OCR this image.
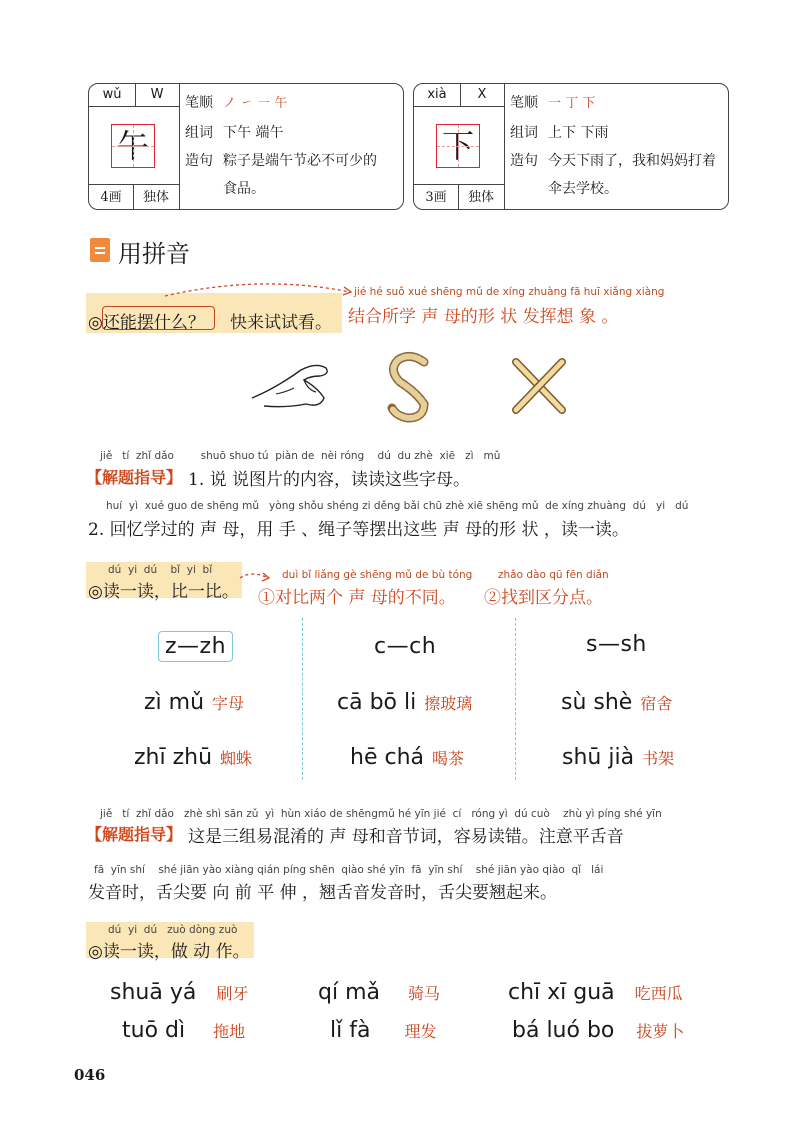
wǔ	W
午
4画	独体
笔顺 ノ ㇀ ㇐ 午
组词 下午 端午
造句 粽子是端午节必不可少的
食品。
xià	X
下
3画	独体
笔顺 一 丁 下
组词 上下 下雨
造句 今天下雨了，我和妈妈打着
伞去学校。
用拼音
◎还能摆什么？ 快来试试看。
jié hé suǒ xué shēng mǔ de xíng zhuàng fā huī xiǎng xiàng
结合所学 声 母的形 状 发挥想 象 。
jiě   tí  zhǐ dǎo        shuō shuo tú  piàn de  nèi róng    dú  du zhè  xiē   zì   mǔ
【解题指导】 1. 说 说图片的内容，读读这些字母。
huí  yì  xué guo de shēng mǔ   yòng shǒu shéng zi děng bǎi chū zhè xiē shēng mǔ  de xíng zhuàng  dú   yi   dú
2. 回忆学过的 声 母，用 手 、绳子等摆出这些 声 母的形 状 ，读一读。
dú  yi  dú    bǐ  yi  bǐ
◎读一读，比一比。
duì bǐ liǎng gè shēng mǔ de bù tóng
①对比两个 声 母的不同。
zhǎo dào qū fēn diǎn
②找到区分点。
z—zh	c—ch	s—sh
zì mǔ 字母	cā bō li 擦玻璃	sù shè 宿舍
zhī zhū 蜘蛛	hē chá 喝茶	shū jià 书架
jiě   tí  zhǐ dǎo   zhè shì sān zǔ  yì  hùn xiáo de shēngmǔ hé yīn jié  cí   róng yì  dú cuò    zhù yì píng shé yīn
【解题指导】 这是三组易混淆的 声 母和音节词，容易读错。注意平舌音
fā  yīn shí    shé jiān yào xiàng qián píng shēn  qiào shé yīn  fā  yīn shí    shé jiān yào qiào  qǐ   lái
发音时，舌尖要 向 前 平 伸 ，翘舌音发音时，舌尖要翘起来。
dú  yi  dú   zuò dòng zuò
◎读一读，做 动 作。
shuā yá 刷牙	qí mǎ 骑马	chī xī guā 吃西瓜
tuō dì 拖地	lǐ fà 理发	bá luó bo 拔萝卜
046
